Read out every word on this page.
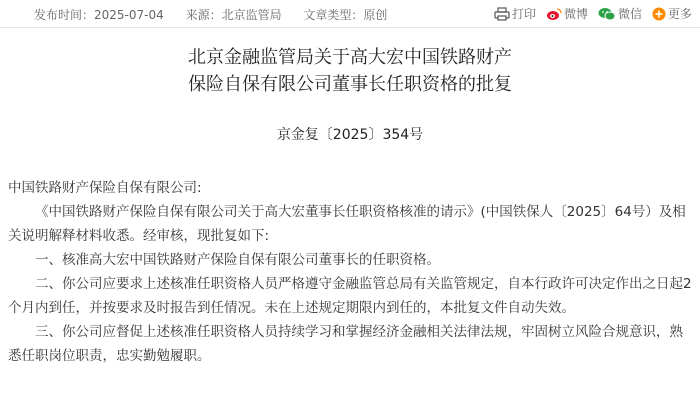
发布时间：2025-07-04 来源：北京监管局 文章类型：原创	打印 微博	微信 更多
北京金融监管局关于高大宏中国铁路财产
保险自保有限公司董事长任职资格的批复
京金复〔2025〕354号

中国铁路财产保险自保有限公司:

《中国铁路财产保险自保有限公司关于高大宏董事长任职资格核准的请示》(中国铁保人〔2025〕64号）及相关说明解释材料收悉。经审核，现批复如下:

一、核准高大宏中国铁路财产保险自保有限公司董事长的任职资格。

二、你公司应要求上述核准任职资格人员严格遵守金融监管总局有关监管规定，自本行政许可决定作出之日起2个月内到任，并按要求及时报告到任情况。未在上述规定期限内到任的，本批复文件自动失效。

三、你公司应督促上述核准任职资格人员持续学习和掌握经济金融相关法律法规，牢固树立风险合规意识，熟悉任职岗位职责，忠实勤勉履职。
